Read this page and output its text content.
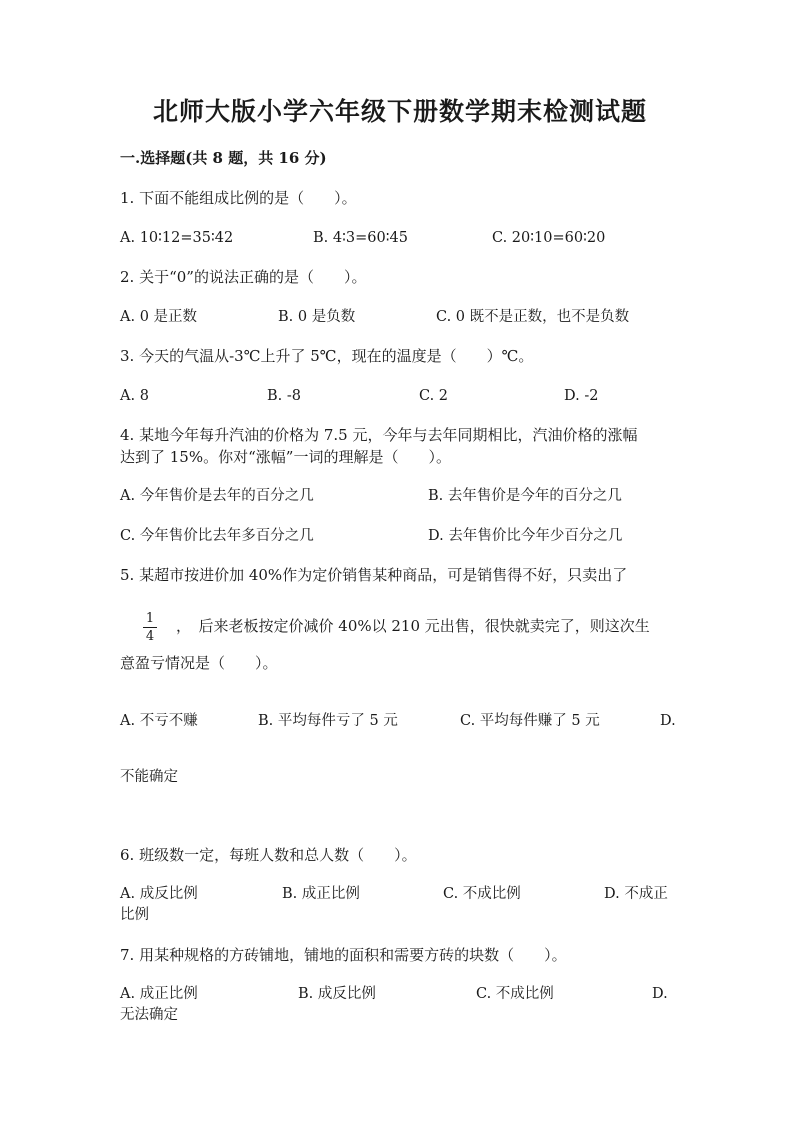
北师大版小学六年级下册数学期末检测试题
一.选择题(共 8 题，共 16 分)
1. 下面不能组成比例的是（　　）。
A. 10∶12=35∶42	B. 4∶3=60∶45	C. 20∶10=60∶20
2. 关于“0”的说法正确的是（　　）。
A. 0 是正数	B. 0 是负数	C. 0 既不是正数，也不是负数
3. 今天的气温从-3℃上升了 5℃，现在的温度是（　　）℃。
A. 8	B. -8	C. 2	D. -2
4. 某地今年每升汽油的价格为 7.5 元，今年与去年同期相比，汽油价格的涨幅
达到了 15%。你对“涨幅”一词的理解是（　　）。
A. 今年售价是去年的百分之几	B. 去年售价是今年的百分之几
C. 今年售价比去年多百分之几	D. 去年售价比今年少百分之几
5. 某超市按进价加 40%作为定价销售某种商品，可是销售得不好，只卖出了
1
4
，　后来老板按定价减价 40%以 210 元出售，很快就卖完了，则这次生
意盈亏情况是（　　）。
A. 不亏不赚	B. 平均每件亏了 5 元	C. 平均每件赚了 5 元	D.
不能确定
6. 班级数一定，每班人数和总人数（　　）。
A. 成反比例	B. 成正比例	C. 不成比例	D. 不成正
比例
7. 用某种规格的方砖铺地，铺地的面积和需要方砖的块数（　　）。
A. 成正比例	B. 成反比例	C. 不成比例	D.
无法确定
